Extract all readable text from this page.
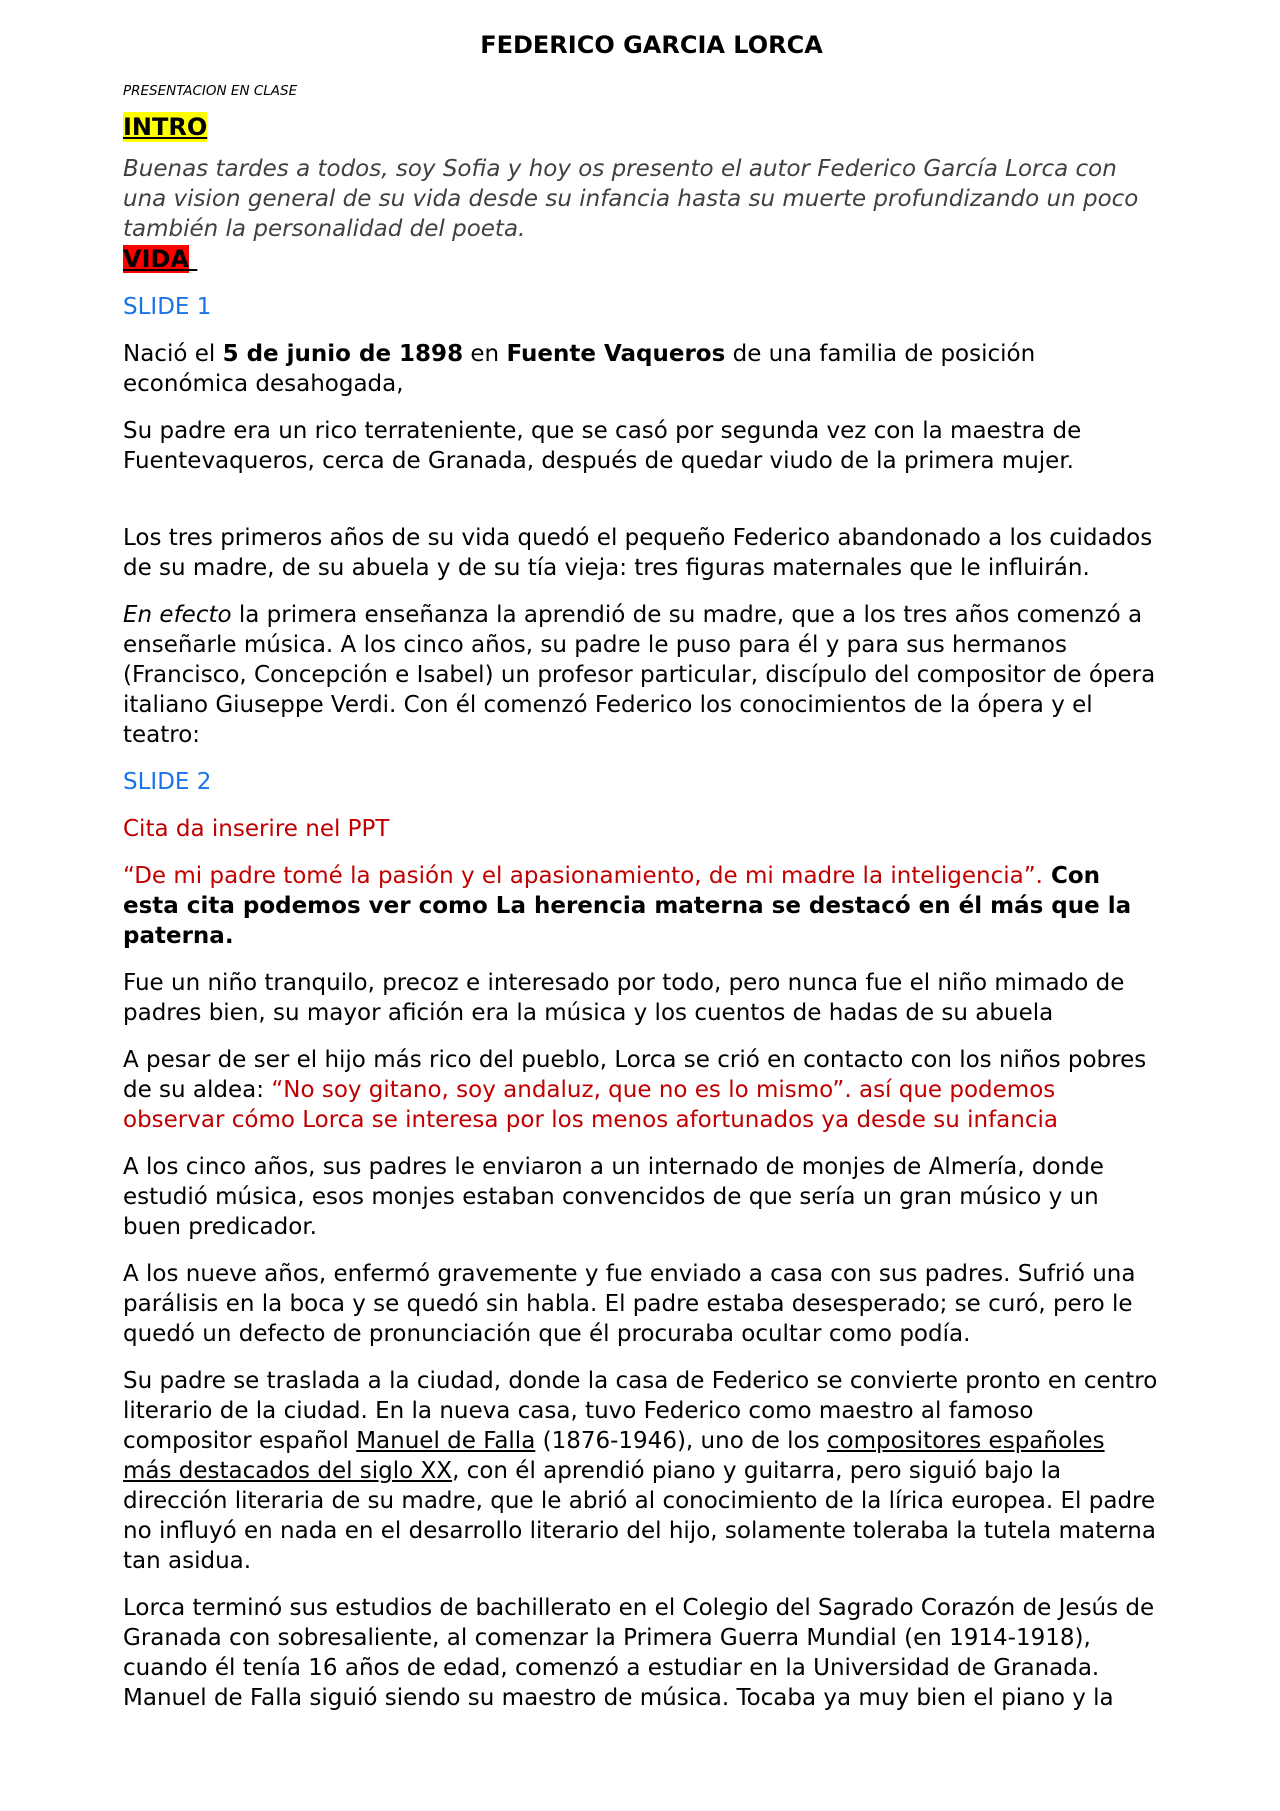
FEDERICO GARCIA LORCA
PRESENTACION EN CLASE
INTRO

Buenas tardes a todos, soy Sofia y hoy os presento el autor Federico García Lorca con una vision general de su vida desde su infancia hasta su muerte profundizando un poco también la personalidad del poeta.

VIDA

SLIDE 1

Nació el 5 de junio de 1898 en Fuente Vaqueros de una familia de posición económica desahogada,

Su padre era un rico terrateniente, que se casó por segunda vez con la maestra de Fuentevaqueros, cerca de Granada, después de quedar viudo de la primera mujer.

Los tres primeros años de su vida quedó el pequeño Federico abandonado a los cuidados de su madre, de su abuela y de su tía vieja: tres figuras maternales que le influirán.

En efecto la primera enseñanza la aprendió de su madre, que a los tres años comenzó a enseñarle música. A los cinco años, su padre le puso para él y para sus hermanos (Francisco, Concepción e Isabel) un profesor particular, discípulo del compositor de ópera italiano Giuseppe Verdi. Con él comenzó Federico los conocimientos de la ópera y el teatro:

SLIDE 2

Cita da inserire nel PPT

“De mi padre tomé la pasión y el apasionamiento, de mi madre la inteligencia”. Con esta cita podemos ver como La herencia materna se destacó en él más que la paterna.

Fue un niño tranquilo, precoz e interesado por todo, pero nunca fue el niño mimado de padres bien, su mayor afición era la música y los cuentos de hadas de su abuela

A pesar de ser el hijo más rico del pueblo, Lorca se crió en contacto con los niños pobres de su aldea: “No soy gitano, soy andaluz, que no es lo mismo”. así que podemos observar cómo Lorca se interesa por los menos afortunados ya desde su infancia

A los cinco años, sus padres le enviaron a un internado de monjes de Almería, donde estudió música, esos monjes estaban convencidos de que sería un gran músico y un buen predicador.

A los nueve años, enfermó gravemente y fue enviado a casa con sus padres. Sufrió una parálisis en la boca y se quedó sin habla. El padre estaba desesperado; se curó, pero le quedó un defecto de pronunciación que él procuraba ocultar como podía.

Su padre se traslada a la ciudad, donde la casa de Federico se convierte pronto en centro literario de la ciudad. En la nueva casa, tuvo Federico como maestro al famoso compositor español Manuel de Falla (1876-1946), uno de los compositores españoles más destacados del siglo XX, con él aprendió piano y guitarra, pero siguió bajo la dirección literaria de su madre, que le abrió al conocimiento de la lírica europea. El padre no influyó en nada en el desarrollo literario del hijo, solamente toleraba la tutela materna tan asidua.

Lorca terminó sus estudios de bachillerato en el Colegio del Sagrado Corazón de Jesús de Granada con sobresaliente, al comenzar la Primera Guerra Mundial (en 1914-1918), cuando él tenía 16 años de edad, comenzó a estudiar en la Universidad de Granada. Manuel de Falla siguió siendo su maestro de música. Tocaba ya muy bien el piano y la
